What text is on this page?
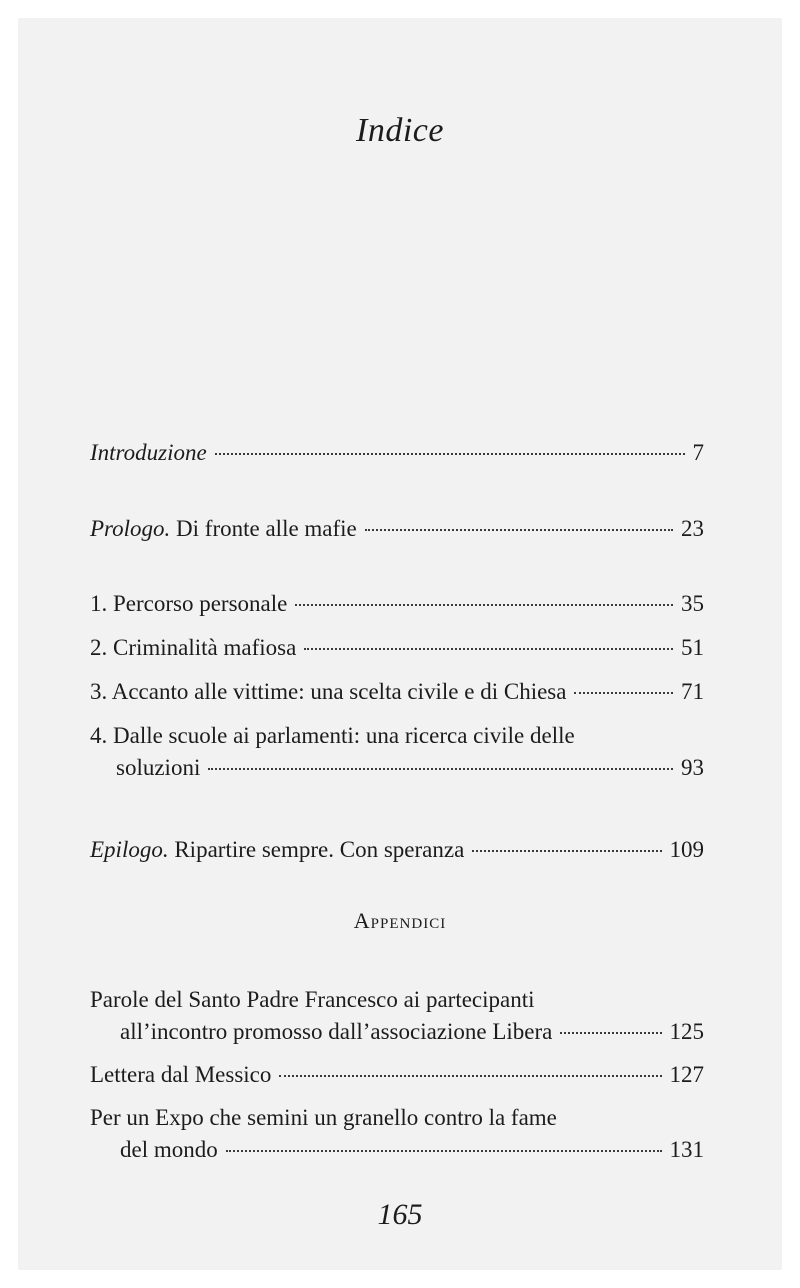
Indice
Introduzione	7
Prologo. Di fronte alle mafie	23
1. Percorso personale	35
2. Criminalità mafiosa	51
3. Accanto alle vittime: una scelta civile e di Chiesa	71
4. Dalle scuole ai parlamenti: una ricerca civile delle
soluzioni	93
Epilogo. Ripartire sempre. Con speranza	109
Appendici
Parole del Santo Padre Francesco ai partecipanti
all’incontro promosso dall’associazione Libera	125
Lettera dal Messico	127
Per un Expo che semini un granello contro la fame
del mondo	131
165
